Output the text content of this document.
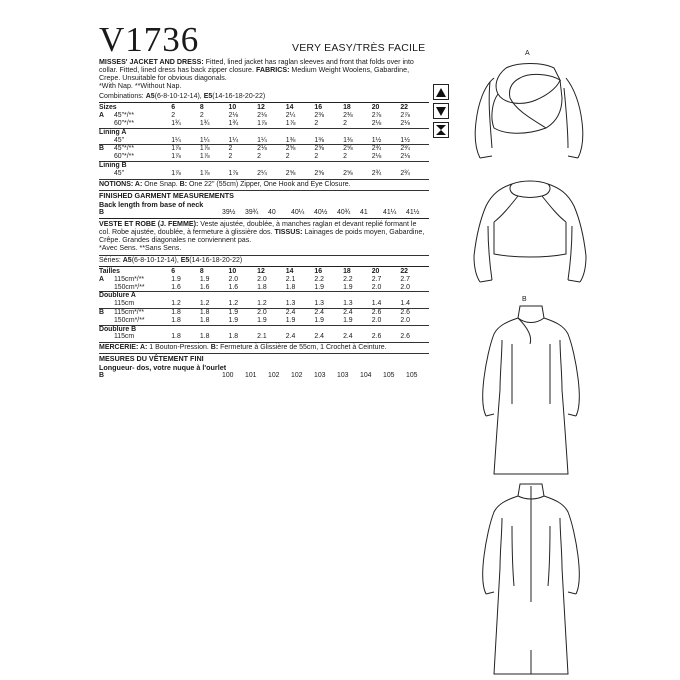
V1736	VERY EASY/TRÈS FACILE

MISSES' JACKET AND DRESS: Fitted, lined jacket has raglan sleeves and front that folds over into collar. Fitted, lined dress has back zipper closure. FABRICS: Medium Weight Woolens, Gabardine, Crepe. Unsuitable for obvious diagonals.
*With Nap. **Without Nap.

Combinations: A5(6-8-10-12-14), E5(14-16-18-20-22)
Sizes		6	8	10	12	14	16	18	20	22
A	45"*/**	2	2	2⅛	2⅛	2¼	2⅜	2⅜	2⅞	2⅞
	60"*/**	1¾	1¾	1¾	1⅞	1⅞	2	2	2⅛	2⅛
Lining A										
	45"	1¼	1¼	1¼	1¼	1⅜	1⅜	1⅜	1½	1½
B	45"*/**	1⅞	1⅞	2	2⅛	2⅝	2⅝	2⅝	2¾	2¾
	60"*/**	1⅞	1⅞	2	2	2	2	2	2⅛	2⅛
Lining B										
	45"	1⅞	1⅞	1⅞	2¼	2⅝	2⅝	2⅝	2¾	2¾
NOTIONS: A: One Snap. B: One 22" (55cm) Zipper, One Hook and Eye Closure.
FINISHED GARMENT MEASUREMENTS
Back length from base of neck
B	39½	39¾	40	40¼	40½	40¾	41	41¼	41½

VESTE ET ROBE (J. FEMME): Veste ajustée, doublée, à manches raglan et devant replié formant le col. Robe ajustée, doublée, à fermeture à glissière dos. TISSUS: Lainages de poids moyen, Gabardine, Crêpe. Grandes diagonales ne conviennent pas.
*Avec Sens. **Sans Sens.

Séries: A5(6-8-10-12-14), E5(14-16-18-20-22)
Tailles		6	8	10	12	14	16	18	20	22
A	115cm*/**	1.9	1.9	2.0	2.0	2.1	2.2	2.2	2.7	2.7
	150cm*/**	1.6	1.6	1.6	1.8	1.8	1.9	1.9	2.0	2.0
Doublure A										
	115cm	1.2	1.2	1.2	1.2	1.3	1.3	1.3	1.4	1.4
B	115cm*/**	1.8	1.8	1.9	2.0	2.4	2.4	2.4	2.6	2.6
	150cm*/**	1.8	1.8	1.9	1.9	1.9	1.9	1.9	2.0	2.0
Doublure B										
	115cm	1.8	1.8	1.8	2.1	2.4	2.4	2.4	2.6	2.6
MERCERIE: A: 1 Bouton-Pression. B: Fermeture à Glissière de 55cm, 1 Crochet à Ceinture.
MESURES DU VÊTEMENT FINI
Longueur- dos, votre nuque à l'ourlet
B	100	101	102	102	103	103	104	105	105
A
B
